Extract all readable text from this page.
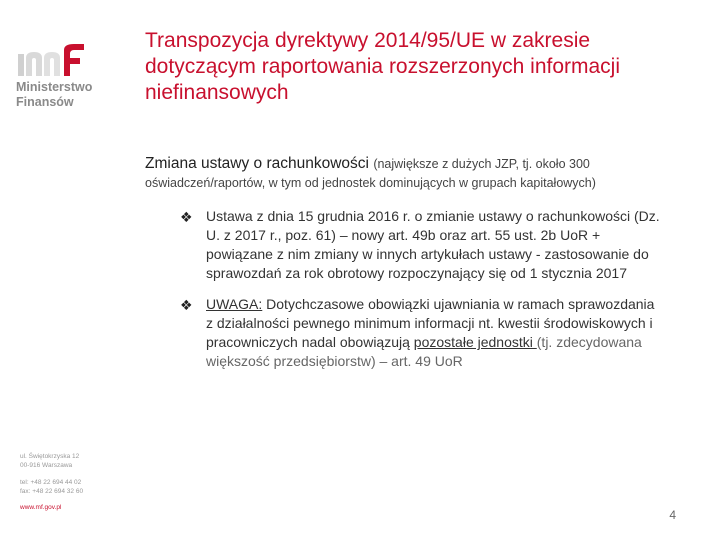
Ministerstwo
Finansów
Transpozycja dyrektywy 2014/95/UE w zakresie dotyczącym raportowania rozszerzonych informacji niefinansowych
Zmiana ustawy o rachunkowości (największe z dużych JZP, tj. około 300
oświadczeń/raportów, w tym od jednostek dominujących w grupach kapitałowych)
❖ Ustawa z dnia 15 grudnia 2016 r. o zmianie ustawy o rachunkowości (Dz. U. z 2017 r., poz. 61) – nowy art. 49b oraz art. 55 ust. 2b UoR + powiązane z nim zmiany w innych artykułach ustawy - zastosowanie do sprawozdań za rok obrotowy rozpoczynający się od 1 stycznia 2017
❖ UWAGA: Dotychczasowe obowiązki ujawniania w ramach sprawozdania z działalności pewnego minimum informacji nt. kwestii środowiskowych i pracowniczych nadal obowiązują pozostałe jednostki (tj. zdecydowana większość przedsiębiorstw) – art. 49 UoR
ul. Świętokrzyska 12
00-916 Warszawa
tel: +48 22 694 44 02
fax: +48 22 694 32 60
www.mf.gov.pl
4
